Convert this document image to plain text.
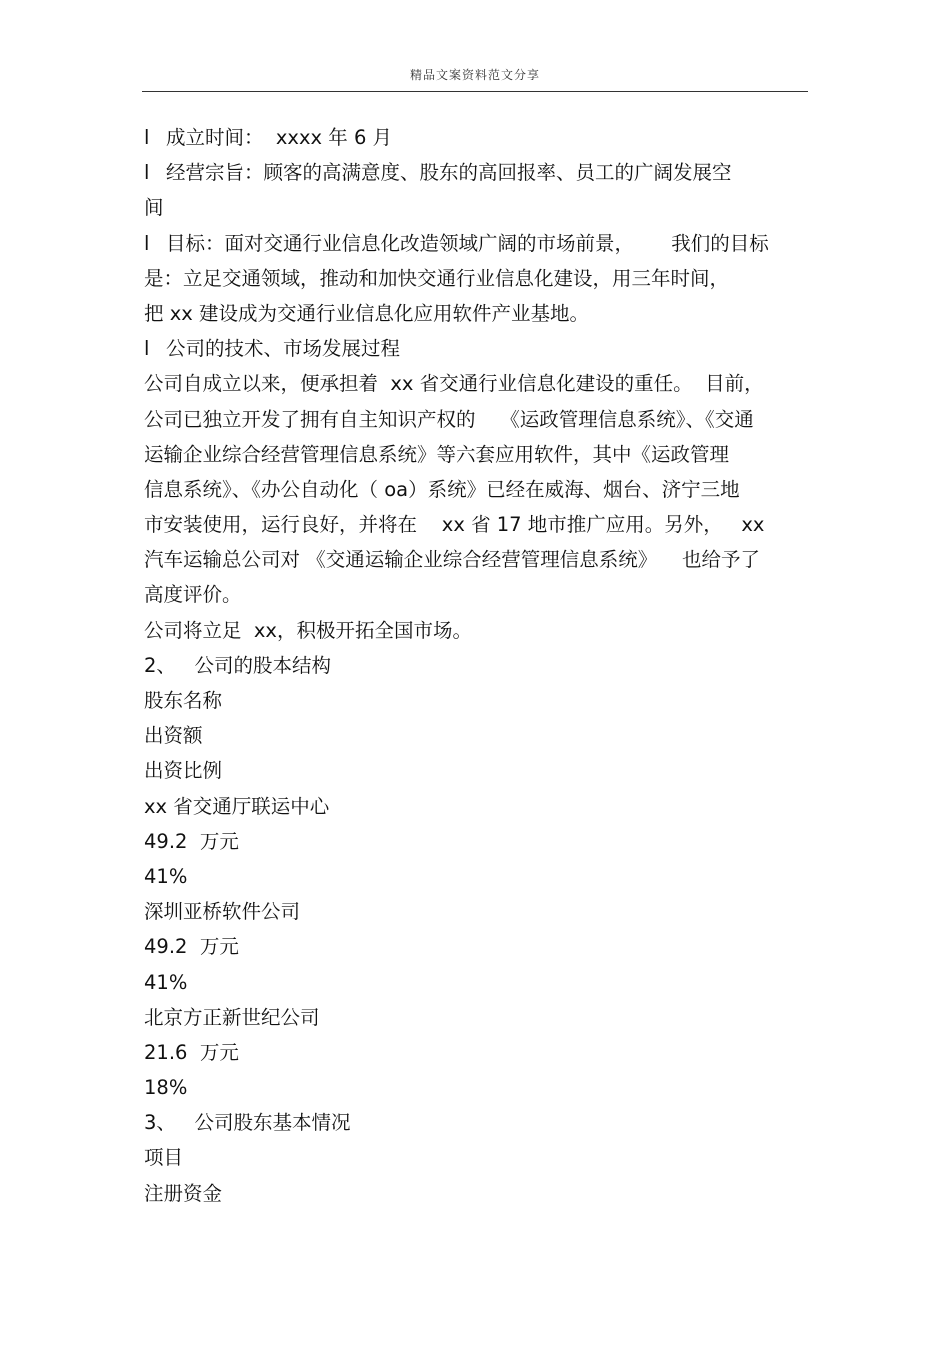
精品文案资料范文分享
l 成立时间：  xxxx 年 6 月
l 经营宗旨：顾客的高满意度、股东的高回报率、员工的广阔发展空
间
l 目标：面对交通行业信息化改造领域广阔的市场前景，      我们的目标
是：立足交通领域，推动和加快交通行业信息化建设，用三年时间，
把 xx 建设成为交通行业信息化应用软件产业基地。
l 公司的技术、市场发展过程
公司自成立以来，便承担着  xx 省交通行业信息化建设的重任。  目前，
公司已独立开发了拥有自主知识产权的    《运政管理信息系统》、《交通
运输企业综合经营管理信息系统》等六套应用软件，其中《运政管理
信息系统》、《办公自动化（ oa）系统》已经在威海、烟台、济宁三地
市安装使用，运行良好，并将在    xx 省 17 地市推广应用。另外，   xx
汽车运输总公司对 《交通运输企业综合经营管理信息系统》    也给予了
高度评价。
公司将立足  xx，积极开拓全国市场。
2、   公司的股本结构
股东名称
出资额
出资比例
xx 省交通厅联运中心
49.2  万元
41%
深圳亚桥软件公司
49.2  万元
41%
北京方正新世纪公司
21.6  万元
18%
3、   公司股东基本情况
项目
注册资金
